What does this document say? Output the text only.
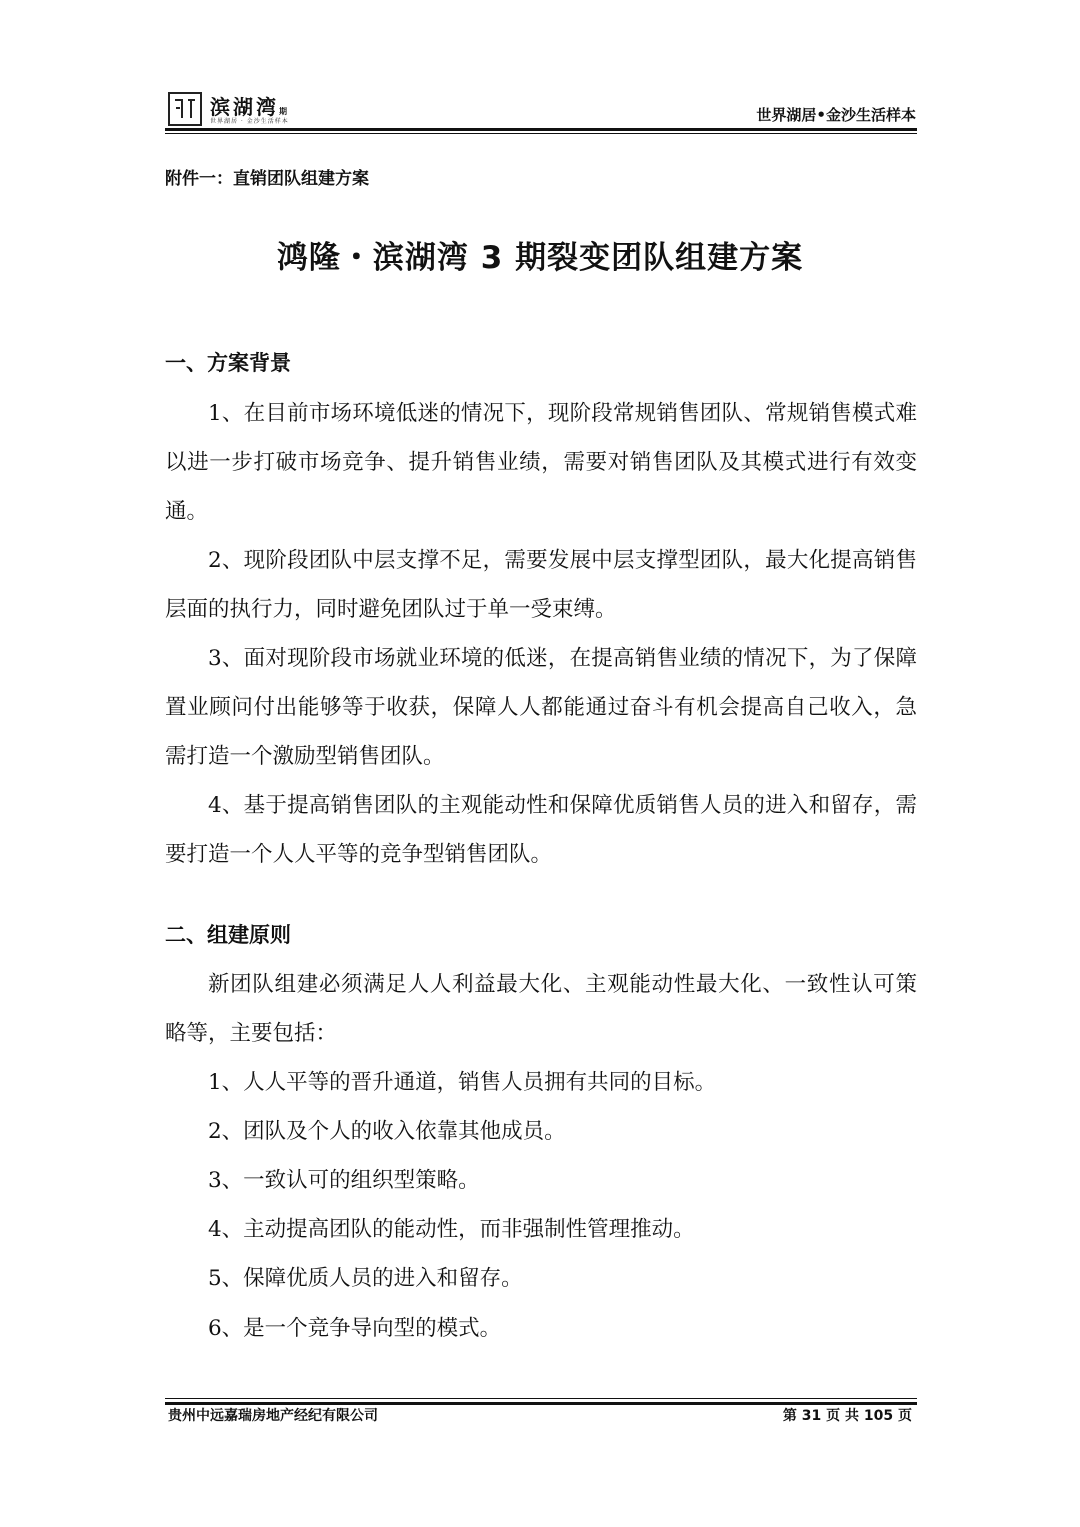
滨湖湾期
世界湖居 · 金沙生活样本	世界湖居•金沙生活样本
附件一：直销团队组建方案
鸿隆・滨湖湾 3 期裂变团队组建方案
一、方案背景

1、在目前市场环境低迷的情况下，现阶段常规销售团队、常规销售模式难以进一步打破市场竞争、提升销售业绩，需要对销售团队及其模式进行有效变通。

2、现阶段团队中层支撑不足，需要发展中层支撑型团队，最大化提高销售层面的执行力，同时避免团队过于单一受束缚。

3、面对现阶段市场就业环境的低迷，在提高销售业绩的情况下，为了保障置业顾问付出能够等于收获，保障人人都能通过奋斗有机会提高自己收入，急需打造一个激励型销售团队。

4、基于提高销售团队的主观能动性和保障优质销售人员的进入和留存，需要打造一个人人平等的竞争型销售团队。

二、组建原则

新团队组建必须满足人人利益最大化、主观能动性最大化、一致性认可策略等，主要包括：

1、人人平等的晋升通道，销售人员拥有共同的目标。
2、团队及个人的收入依靠其他成员。
3、一致认可的组织型策略。
4、主动提高团队的能动性，而非强制性管理推动。
5、保障优质人员的进入和留存。
6、是一个竞争导向型的模式。
贵州中远嘉瑞房地产经纪有限公司	第 31 页 共 105 页
